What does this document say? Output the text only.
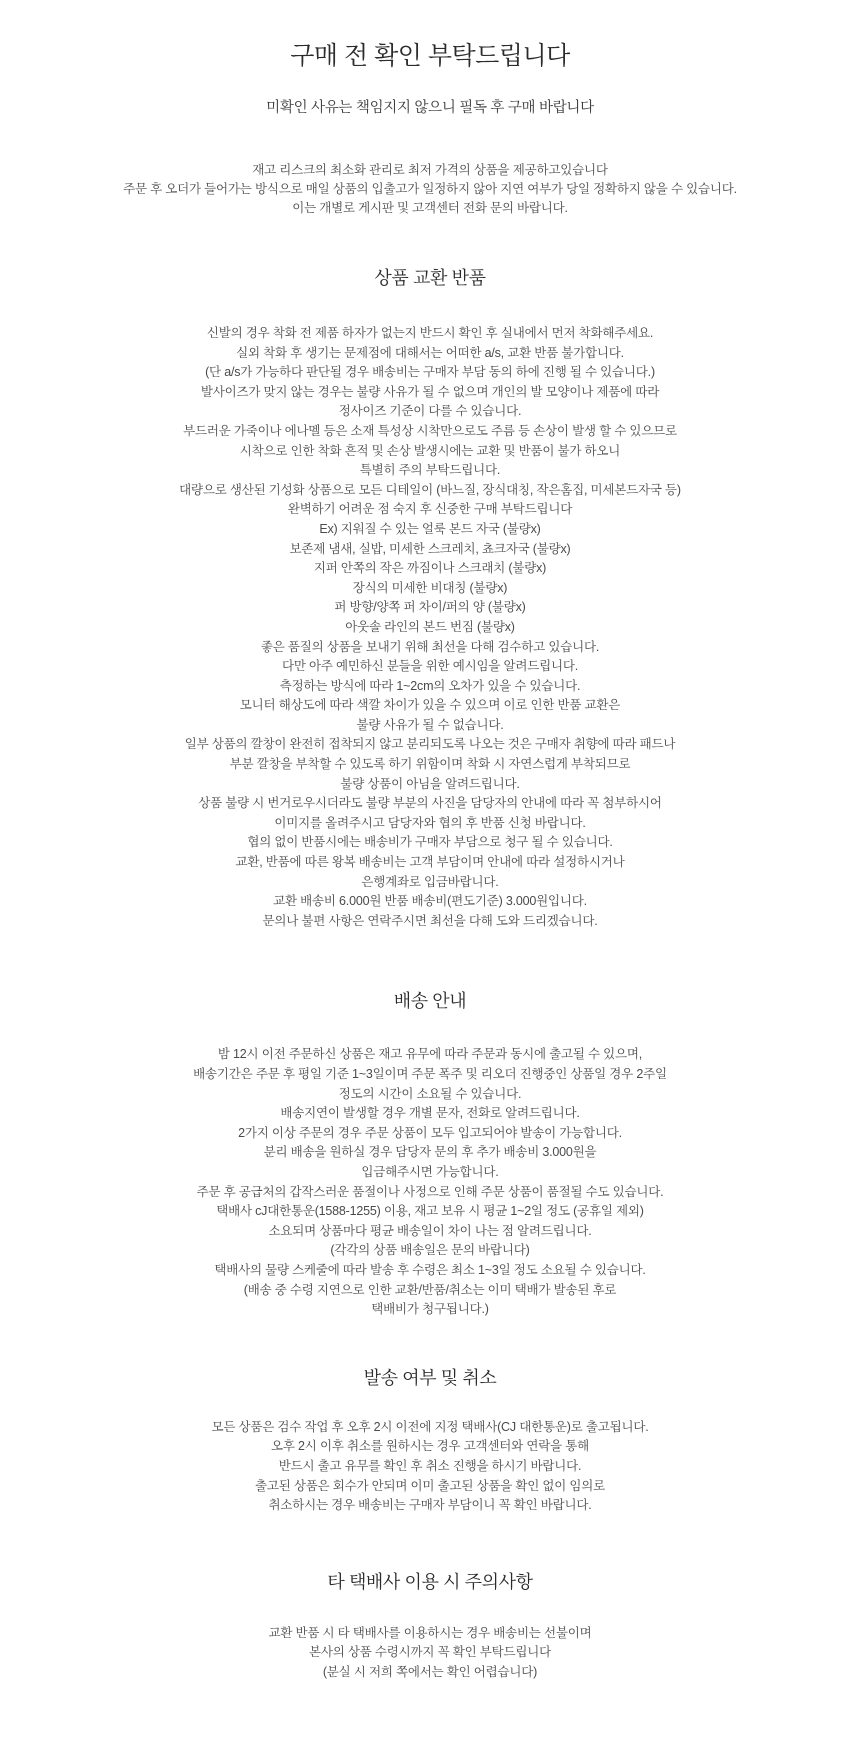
구매 전 확인 부탁드립니다

미확인 사유는 책임지지 않으니 필독 후 구매 바랍니다

재고 리스크의 최소화 관리로 최저 가격의 상품을 제공하고있습니다
주문 후 오더가 들어가는 방식으로 매일 상품의 입출고가 일정하지 않아 지연 여부가 당일 정확하지 않을 수 있습니다.
이는 개별로 게시판 및 고객센터 전화 문의 바랍니다.

상품 교환 반품

신발의 경우 착화 전 제품 하자가 없는지 반드시 확인 후 실내에서 먼저 착화해주세요.
실외 착화 후 생기는 문제점에 대해서는 어떠한 a/s, 교환 반품 불가합니다.
(단 a/s가 가능하다 판단될 경우 배송비는 구매자 부담 동의 하에 진행 될 수 있습니다.)
발사이즈가 맞지 않는 경우는 불량 사유가 될 수 없으며 개인의 발 모양이나 제품에 따라
정사이즈 기준이 다를 수 있습니다.
부드러운 가죽이나 에나멜 등은 소재 특성상 시착만으로도 주름 등 손상이 발생 할 수 있으므로
시착으로 인한 착화 흔적 및 손상 발생시에는 교환 및 반품이 불가 하오니
특별히 주의 부탁드립니다.
대량으로 생산된 기성화 상품으로 모든 디테일이 (바느질, 장식대칭, 작은홈집, 미세본드자국 등)
완벽하기 어려운 점 숙지 후 신중한 구매 부탁드립니다
Ex) 지워질 수 있는 얼룩 본드 자국 (불량x)
보존제 냄새, 실밥, 미세한 스크레치, 쵸크자국 (불량x)
지퍼 안쪽의 작은 까짐이나 스크래치 (불량x)
장식의 미세한 비대칭 (불량x)
퍼 방향/양쪽 퍼 차이/퍼의 양 (불량x)
아웃솔 라인의 본드 번짐 (불량x)
좋은 품질의 상품을 보내기 위해 최선을 다해 검수하고 있습니다.
다만 아주 예민하신 분들을 위한 예시임을 알려드립니다.
측정하는 방식에 따라 1~2cm의 오차가 있을 수 있습니다.
모니터 해상도에 따라 색깔 차이가 있을 수 있으며 이로 인한 반품 교환은
불량 사유가 될 수 없습니다.
일부 상품의 깔창이 완전히 접착되지 않고 분리되도록 나오는 것은 구매자 취향에 따라 패드나
부분 깔창을 부착할 수 있도록 하기 위함이며 착화 시 자연스럽게 부착되므로
불량 상품이 아님을 알려드립니다.
상품 불량 시 번거로우시더라도 불량 부분의 사진을 담당자의 안내에 따라 꼭 첨부하시어
이미지를 올려주시고 담당자와 협의 후 반품 신청 바랍니다.
협의 없이 반품시에는 배송비가 구매자 부담으로 청구 될 수 있습니다.
교환, 반품에 따른 왕복 배송비는 고객 부담이며 안내에 따라 설정하시거나
은행계좌로 입금바랍니다.
교환 배송비 6.000원 반품 배송비(편도기준) 3.000원입니다.
문의나 불편 사항은 연락주시면 최선을 다해 도와 드리겠습니다.

배송 안내

밤 12시 이전 주문하신 상품은 재고 유무에 따라 주문과 동시에 출고될 수 있으며,
배송기간은 주문 후 평일 기준 1~3일이며 주문 폭주 및 리오더 진행중인 상품일 경우 2주일
정도의 시간이 소요될 수 있습니다.
배송지연이 발생할 경우 개별 문자, 전화로 알려드립니다.
2가지 이상 주문의 경우 주문 상품이 모두 입고되어야 발송이 가능합니다.
분리 배송을 원하실 경우 담당자 문의 후 추가 배송비 3.000원을
입금해주시면 가능합니다.
주문 후 공급처의 갑작스러운 품절이나 사정으로 인해 주문 상품이 품절될 수도 있습니다.
택배사 cJ대한통운(1588-1255) 이용, 재고 보유 시 평균 1~2일 정도 (공휴일 제외)
소요되며 상품마다 평균 배송일이 차이 나는 점 알려드립니다.
(각각의 상품 배송일은 문의 바랍니다)
택배사의 물량 스케줄에 따라 발송 후 수령은 최소 1~3일 정도 소요될 수 있습니다.
(배송 중 수령 지연으로 인한 교환/반품/취소는 이미 택배가 발송된 후로
택배비가 청구됩니다.)

발송 여부 및 취소

모든 상품은 검수 작업 후 오후 2시 이전에 지정 택배사(CJ 대한통운)로 출고됩니다.
오후 2시 이후 취소를 원하시는 경우 고객센터와 연락을 통해
반드시 출고 유무를 확인 후 취소 진행을 하시기 바랍니다.
출고된 상품은 회수가 안되며 이미 출고된 상품을 확인 없이 임의로
취소하시는 경우 배송비는 구매자 부담이니 꼭 확인 바랍니다.

타 택배사 이용 시 주의사항

교환 반품 시 타 택배사를 이용하시는 경우 배송비는 선불이며
본사의 상품 수령시까지 꼭 확인 부탁드립니다
(분실 시 저희 쪽에서는 확인 어렵습니다)
